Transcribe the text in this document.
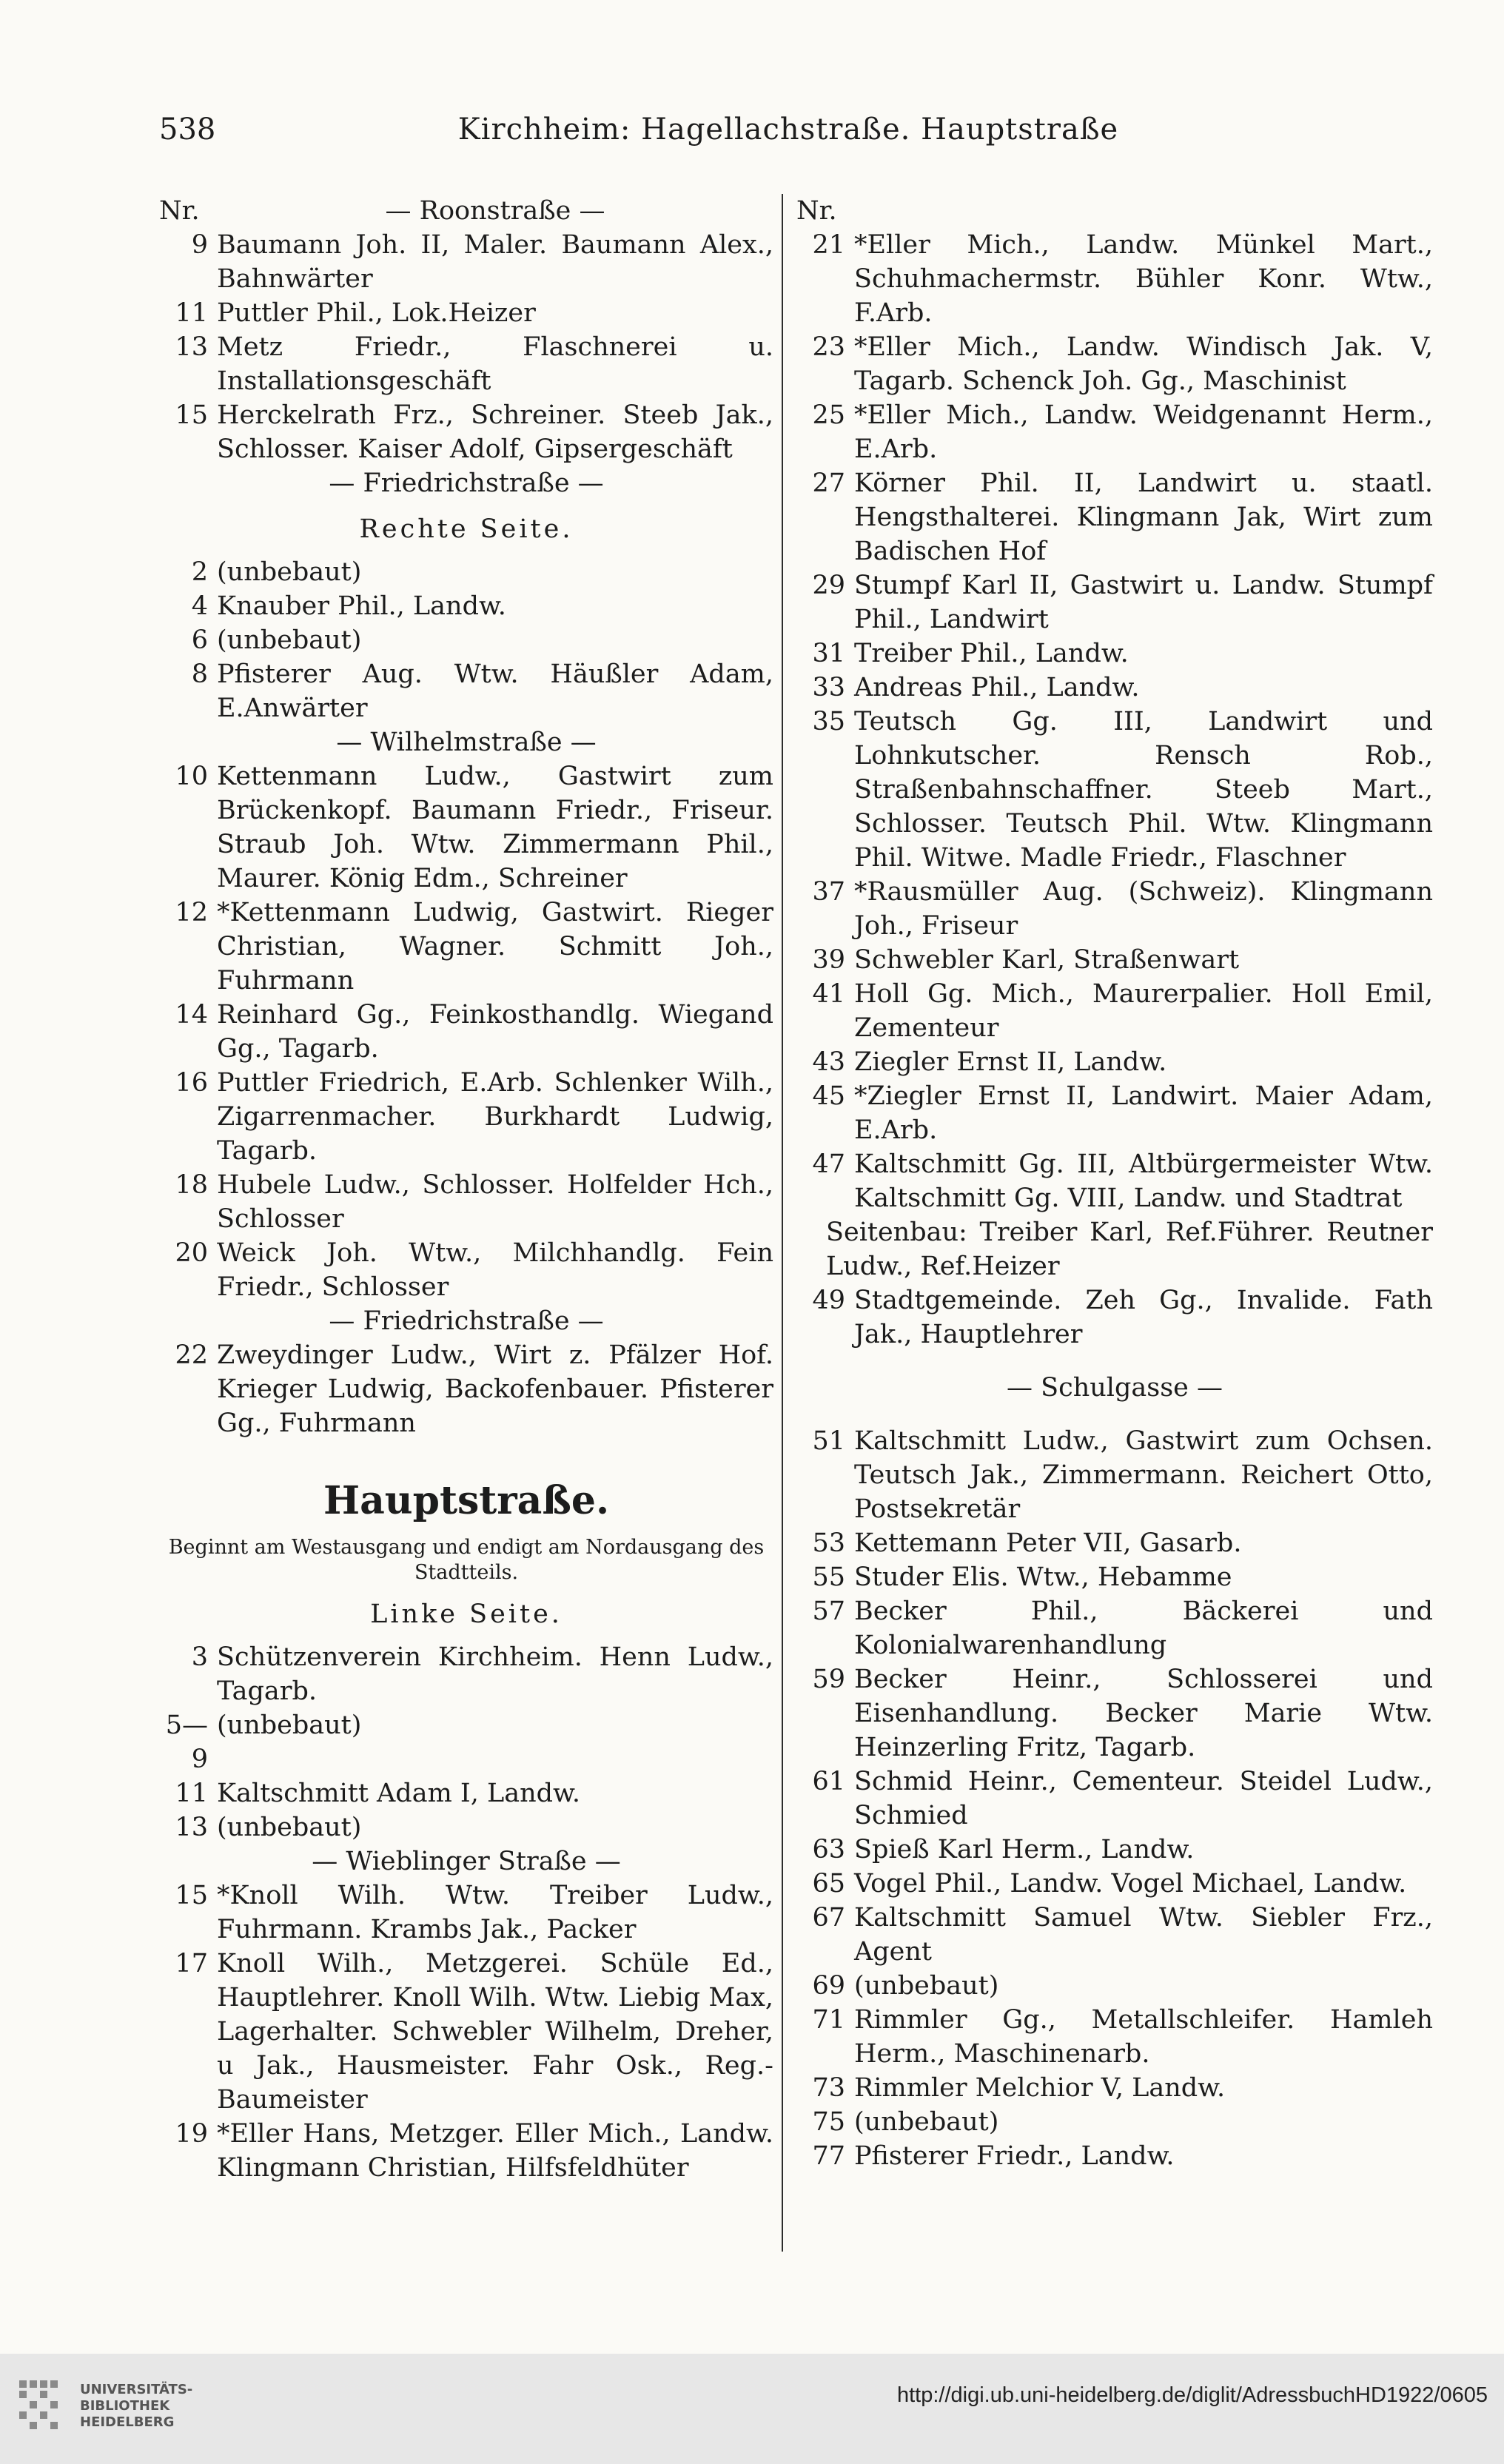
538	Kirchheim: Hagellachstraße. Hauptstraße
Nr.	— Roonstraße —
9 Baumann Joh. II, Maler. Baumann Alex., Bahnwärter
11 Puttler Phil., Lok.Heizer
13 Metz Friedr., Flaschnerei u. Installationsgeschäft
15 Herckelrath Frz., Schreiner. Steeb Jak., Schlosser. Kaiser Adolf, Gipsergeschäft
— Friedrichstraße —
Rechte Seite.
2 (unbebaut)
4 Knauber Phil., Landw.
6 (unbebaut)
8 Pfisterer Aug. Wtw. Häußler Adam, E.Anwärter
— Wilhelmstraße —
10 Kettenmann Ludw., Gastwirt zum Brückenkopf. Baumann Friedr., Friseur. Straub Joh. Wtw. Zimmermann Phil., Maurer. König Edm., Schreiner
12 *Kettenmann Ludwig, Gastwirt. Rieger Christian, Wagner. Schmitt Joh., Fuhrmann
14 Reinhard Gg., Feinkosthandlg. Wiegand Gg., Tagarb.
16 Puttler Friedrich, E.Arb. Schlenker Wilh., Zigarrenmacher. Burkhardt Ludwig, Tagarb.
18 Hubele Ludw., Schlosser. Holfelder Hch., Schlosser
20 Weick Joh. Wtw., Milchhandlg. Fein Friedr., Schlosser
— Friedrichstraße —
22 Zweydinger Ludw., Wirt z. Pfälzer Hof. Krieger Ludwig, Backofenbauer. Pfisterer Gg., Fuhrmann
Hauptstraße.
Beginnt am Westausgang und endigt am Nordausgang des Stadtteils.
Linke Seite.
3 Schützenverein Kirchheim. Henn Ludw., Tagarb.
5—9
(unbebaut)
11 Kaltschmitt Adam I, Landw.
13 (unbebaut)
— Wieblinger Straße —
15 *Knoll Wilh. Wtw. Treiber Ludw., Fuhrmann. Krambs Jak., Packer
17 Knoll Wilh., Metzgerei. Schüle Ed., Hauptlehrer. Knoll Wilh. Wtw. Liebig Max, Lagerhalter. Schwebler Wilhelm, Dreher, u Jak., Hausmeister. Fahr Osk., Reg.-Baumeister
19 *Eller Hans, Metzger. Eller Mich., Landw. Klingmann Christian, Hilfsfeldhüter
Nr.
21 *Eller Mich., Landw. Münkel Mart., Schuhmachermstr. Bühler Konr. Wtw., F.Arb.
23 *Eller Mich., Landw. Windisch Jak. V, Tagarb. Schenck Joh. Gg., Maschinist
25 *Eller Mich., Landw. Weidgenannt Herm., E.Arb.
27 Körner Phil. II, Landwirt u. staatl. Hengsthalterei. Klingmann Jak, Wirt zum Badischen Hof
29 Stumpf Karl II, Gastwirt u. Landw. Stumpf Phil., Landwirt
31 Treiber Phil., Landw.
33 Andreas Phil., Landw.
35 Teutsch Gg. III, Landwirt und Lohnkutscher. Rensch Rob., Straßenbahnschaffner. Steeb Mart., Schlosser. Teutsch Phil. Wtw. Klingmann Phil. Witwe. Madle Friedr., Flaschner
37 *Rausmüller Aug. (Schweiz). Klingmann Joh., Friseur
39 Schwebler Karl, Straßenwart
41 Holl Gg. Mich., Maurerpalier. Holl Emil, Zementeur
43 Ziegler Ernst II, Landw.
45 *Ziegler Ernst II, Landwirt. Maier Adam, E.Arb.
47 Kaltschmitt Gg. III, Altbürgermeister Wtw. Kaltschmitt Gg. VIII, Landw. und Stadtrat
Seitenbau: Treiber Karl, Ref.Führer. Reutner Ludw., Ref.Heizer
49 Stadtgemeinde. Zeh Gg., Invalide. Fath Jak., Hauptlehrer
— Schulgasse —
51 Kaltschmitt Ludw., Gastwirt zum Ochsen. Teutsch Jak., Zimmermann. Reichert Otto, Postsekretär
53 Kettemann Peter VII, Gasarb.
55 Studer Elis. Wtw., Hebamme
57 Becker Phil., Bäckerei und Kolonialwarenhandlung
59 Becker Heinr., Schlosserei und Eisenhandlung. Becker Marie Wtw. Heinzerling Fritz, Tagarb.
61 Schmid Heinr., Cementeur. Steidel Ludw., Schmied
63 Spieß Karl Herm., Landw.
65 Vogel Phil., Landw. Vogel Michael, Landw.
67 Kaltschmitt Samuel Wtw. Siebler Frz., Agent
69 (unbebaut)
71 Rimmler Gg., Metallschleifer. Hamleh Herm., Maschinenarb.
73 Rimmler Melchior V, Landw.
75 (unbebaut)
77 Pfisterer Friedr., Landw.
UNIVERSITÄTS-
BIBLIOTHEK
HEIDELBERG
http://digi.ub.uni-heidelberg.de/diglit/AdressbuchHD1922/0605
